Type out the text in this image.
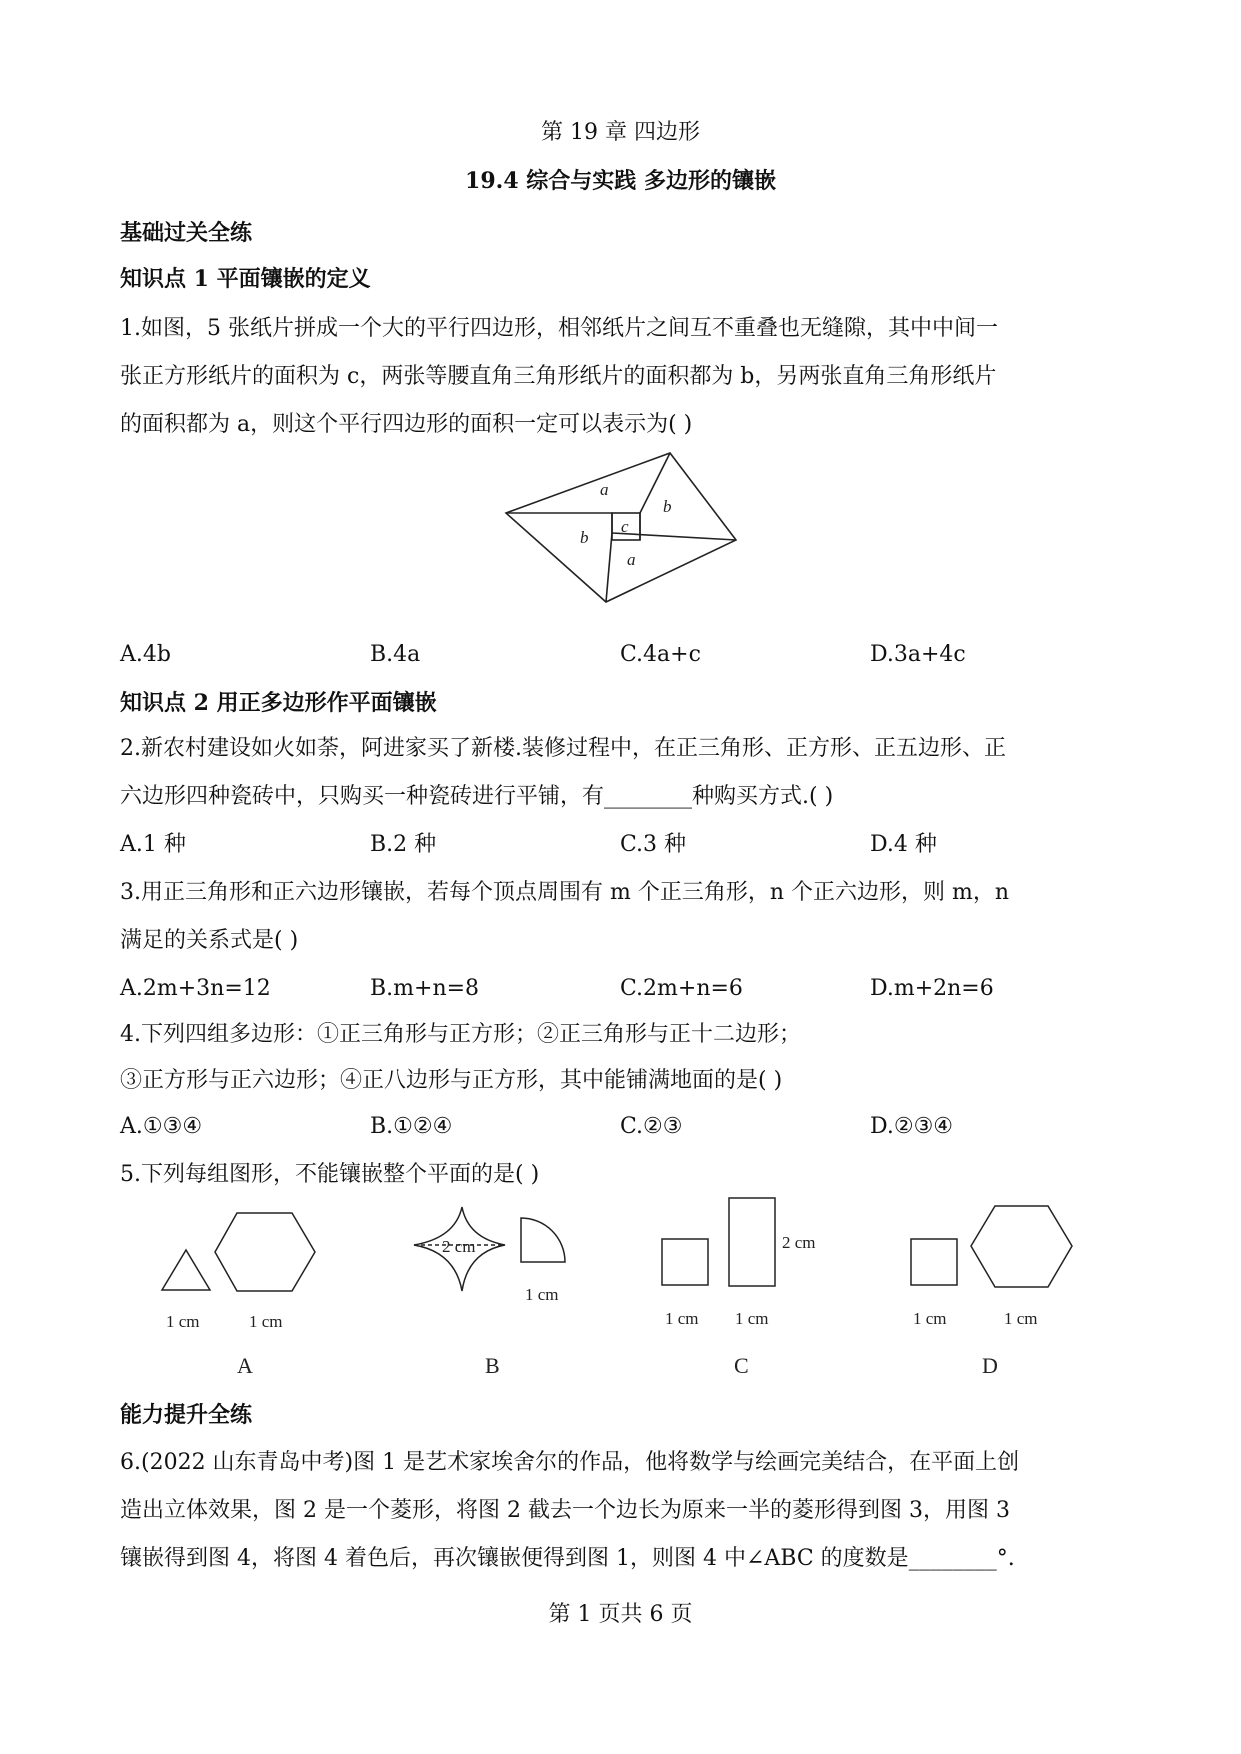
第 19 章 四边形
19.4 综合与实践 多边形的镶嵌
基础过关全练
知识点 1 平面镶嵌的定义
1.如图，5 张纸片拼成一个大的平行四边形，相邻纸片之间互不重叠也无缝隙，其中中间一
张正方形纸片的面积为 c，两张等腰直角三角形纸片的面积都为 b，另两张直角三角形纸片
的面积都为 a，则这个平行四边形的面积一定可以表示为( )
a
b
c
b
a
A.4b	B.4a	C.4a+c	D.3a+4c
知识点 2 用正多边形作平面镶嵌
2.新农村建设如火如荼，阿进家买了新楼.装修过程中，在正三角形、正方形、正五边形、正
六边形四种瓷砖中，只购买一种瓷砖进行平铺，有________种购买方式.( )
A.1 种	B.2 种	C.3 种	D.4 种
3.用正三角形和正六边形镶嵌，若每个顶点周围有 m 个正三角形，n 个正六边形，则 m，n
满足的关系式是( )
A.2m+3n=12	B.m+n=8	C.2m+n=6	D.m+2n=6
4.下列四组多边形：①正三角形与正方形；②正三角形与正十二边形；
③正方形与正六边形；④正八边形与正方形，其中能铺满地面的是( )
A.①③④	B.①②④	C.②③	D.②③④
5.下列每组图形，不能镶嵌整个平面的是( )
1 cm	1 cm
2 cm
1 cm
1 cm 1 cm
2 cm
1 cm	1 cm
A	B	C	D
能力提升全练
6.(2022 山东青岛中考)图 1 是艺术家埃舍尔的作品，他将数学与绘画完美结合，在平面上创
造出立体效果，图 2 是一个菱形，将图 2 截去一个边长为原来一半的菱形得到图 3，用图 3
镶嵌得到图 4，将图 4 着色后，再次镶嵌便得到图 1，则图 4 中∠ABC 的度数是________°.
第 1 页共 6 页
